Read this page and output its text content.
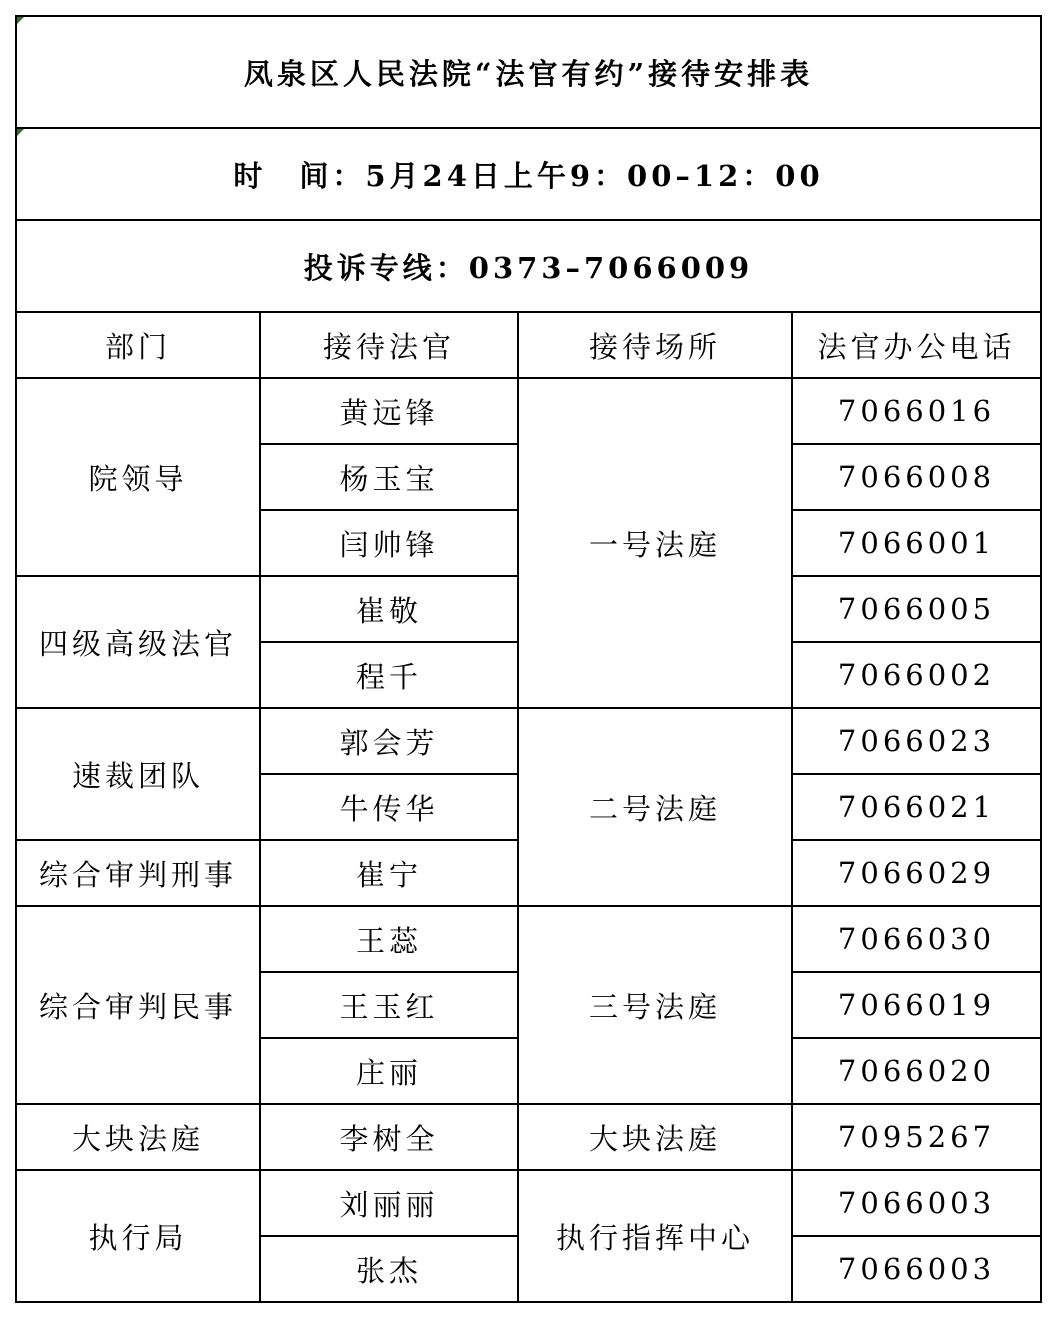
凤泉区人民法院“法官有约”接待安排表			

时　间：5月24日上午9：00–12：00			
投诉专线：0373–7066009			
部门	接待法官	接待场所	法官办公电话
院领导	黄远锋	一号法庭	7066016
	杨玉宝		7066008
	闫帅锋		7066001
四级高级法官	崔敬		7066005
	程千		7066002
速裁团队	郭会芳	二号法庭	7066023
	牛传华		7066021
综合审判刑事	崔宁		7066029
综合审判民事	王蕊	三号法庭	7066030
	王玉红		7066019
	庄丽		7066020
大块法庭	李树全	大块法庭	7095267
执行局	刘丽丽	执行指挥中心	7066003
	张杰		7066003
